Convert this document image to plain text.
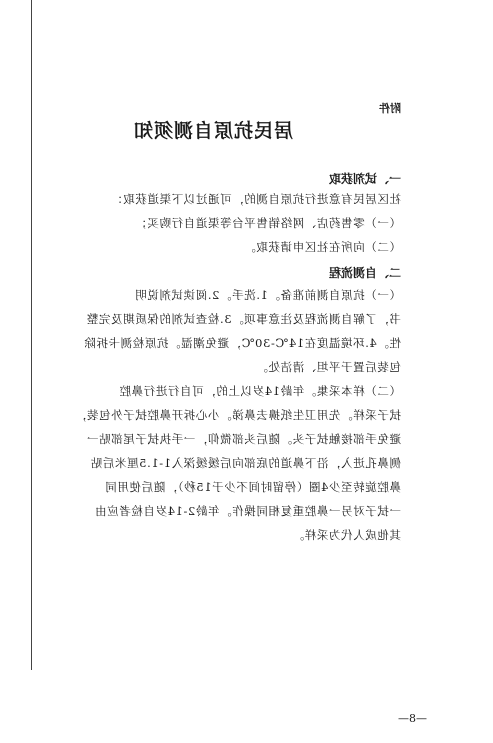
附件
居民抗原自测须知
一、试剂获取
社区居民有意进行抗原自测的，可通过以下渠道获取：
（一）零售药店、网络销售平台等渠道自行购买；
（二）向所在社区申请获取。
二、自测流程
（一）抗原自测前准备。1.洗手。2.阅读试剂说明
书，了解自测流程及注意事项。3.检查试剂的保质期及完整
性。4.环境温度在14℃-30℃，避免潮湿。抗原检测卡拆除
包装后置于平坦、清洁处。
（二）样本采集。年龄14岁以上的，可自行进行鼻腔
拭子采样。先用卫生纸擤去鼻涕。小心拆开鼻腔拭子外包装，
避免手部接触拭子头。随后头部微仰，一手执拭子尾部贴一
侧鼻孔进入，沿下鼻道的底部向后缓缓深入1-1.5厘米后贴
鼻腔旋转至少4圈（停留时间不少于15秒），随后使用同
一拭子对另一鼻腔重复相同操作。年龄2-14岁自检者应由
其他成人代为采样。
—8—
